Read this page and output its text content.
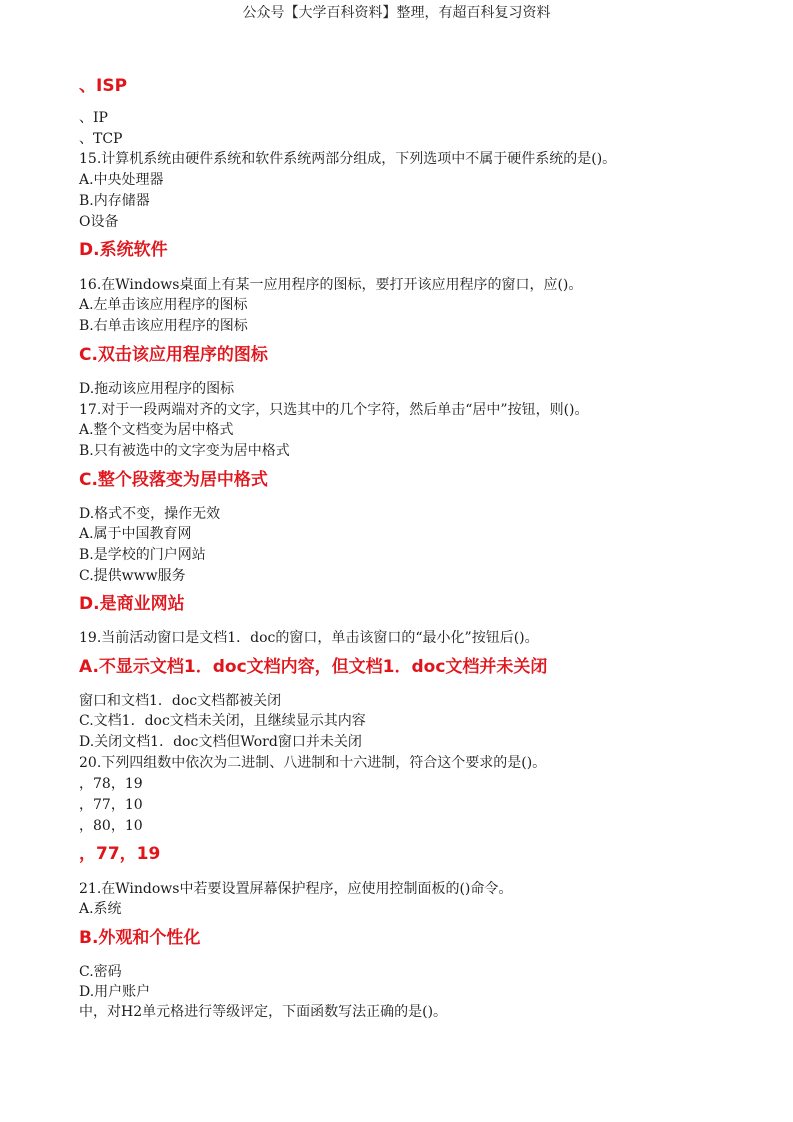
公众号【大学百科资料】整理，有超百科复习资料
、ISP
、IP
、TCP
15.计算机系统由硬件系统和软件系统两部分组成，下列选项中不属于硬件系统的是()。
A.中央处理器
B.内存储器
O设备
D.系统软件
16.在Windows桌面上有某一应用程序的图标，要打开该应用程序的窗口，应()。
A.左单击该应用程序的图标
B.右单击该应用程序的图标
C.双击该应用程序的图标
D.拖动该应用程序的图标
17.对于一段两端对齐的文字，只选其中的几个字符，然后单击“居中”按钮，则()。
A.整个文档变为居中格式
B.只有被选中的文字变为居中格式
C.整个段落变为居中格式
D.格式不变，操作无效
A.属于中国教育网
B.是学校的门户网站
C.提供www服务
D.是商业网站
19.当前活动窗口是文档1．doc的窗口，单击该窗口的“最小化”按钮后()。
A.不显示文档1．doc文档内容，但文档1．doc文档并未关闭
窗口和文档1．doc文档都被关闭
C.文档1．doc文档未关闭，且继续显示其内容
D.关闭文档1．doc文档但Word窗口并未关闭
20.下列四组数中依次为二进制、八进制和十六进制，符合这个要求的是()。
，78，19
，77，10
，80，10
，77，19
21.在Windows中若要设置屏幕保护程序，应使用控制面板的()命令。
A.系统
B.外观和个性化
C.密码
D.用户账户
中，对H2单元格进行等级评定，下面函数写法正确的是()。
